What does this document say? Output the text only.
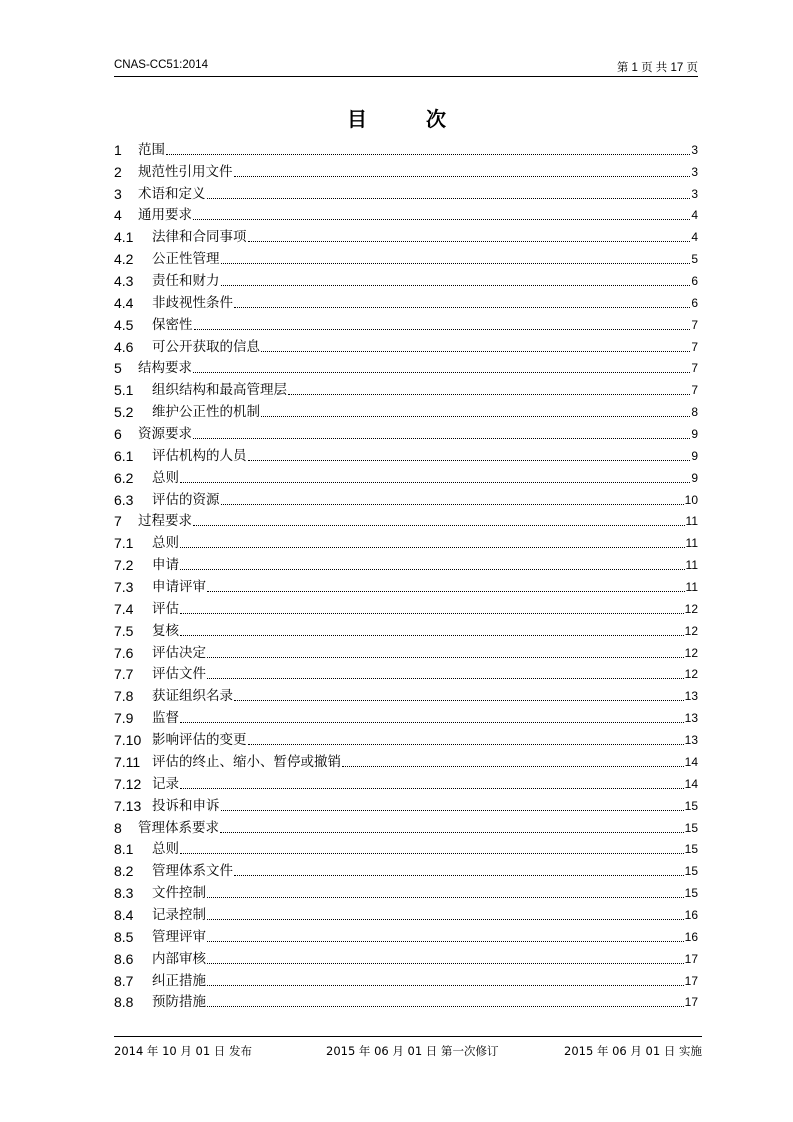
CNAS-CC51:2014	第 1 页 共 17 页
目 次
1	范围	3
2	规范性引用文件	3
3	术语和定义	3
4	通用要求	4
4.1	法律和合同事项	4
4.2	公正性管理	5
4.3	责任和财力	6
4.4	非歧视性条件	6
4.5	保密性	7
4.6	可公开获取的信息	7
5	结构要求	7
5.1	组织结构和最高管理层	7
5.2	维护公正性的机制	8
6	资源要求	9
6.1	评估机构的人员	9
6.2	总则	9
6.3	评估的资源	10
7	过程要求	11
7.1	总则	11
7.2	申请	11
7.3	申请评审	11
7.4	评估	12
7.5	复核	12
7.6	评估决定	12
7.7	评估文件	12
7.8	获证组织名录	13
7.9	监督	13
7.10 影响评估的变更	13
7.11 评估的终止、缩小、暂停或撤销	14
7.12 记录	14
7.13 投诉和申诉	15
8	管理体系要求	15
8.1	总则	15
8.2	管理体系文件	15
8.3	文件控制	15
8.4	记录控制	16
8.5	管理评审	16
8.6	内部审核	17
8.7	纠正措施	17
8.8	预防措施	17
2014 年 10 月 01 日 发布	2015 年 06 月 01 日 第一次修订	2015 年 06 月 01 日 实施
